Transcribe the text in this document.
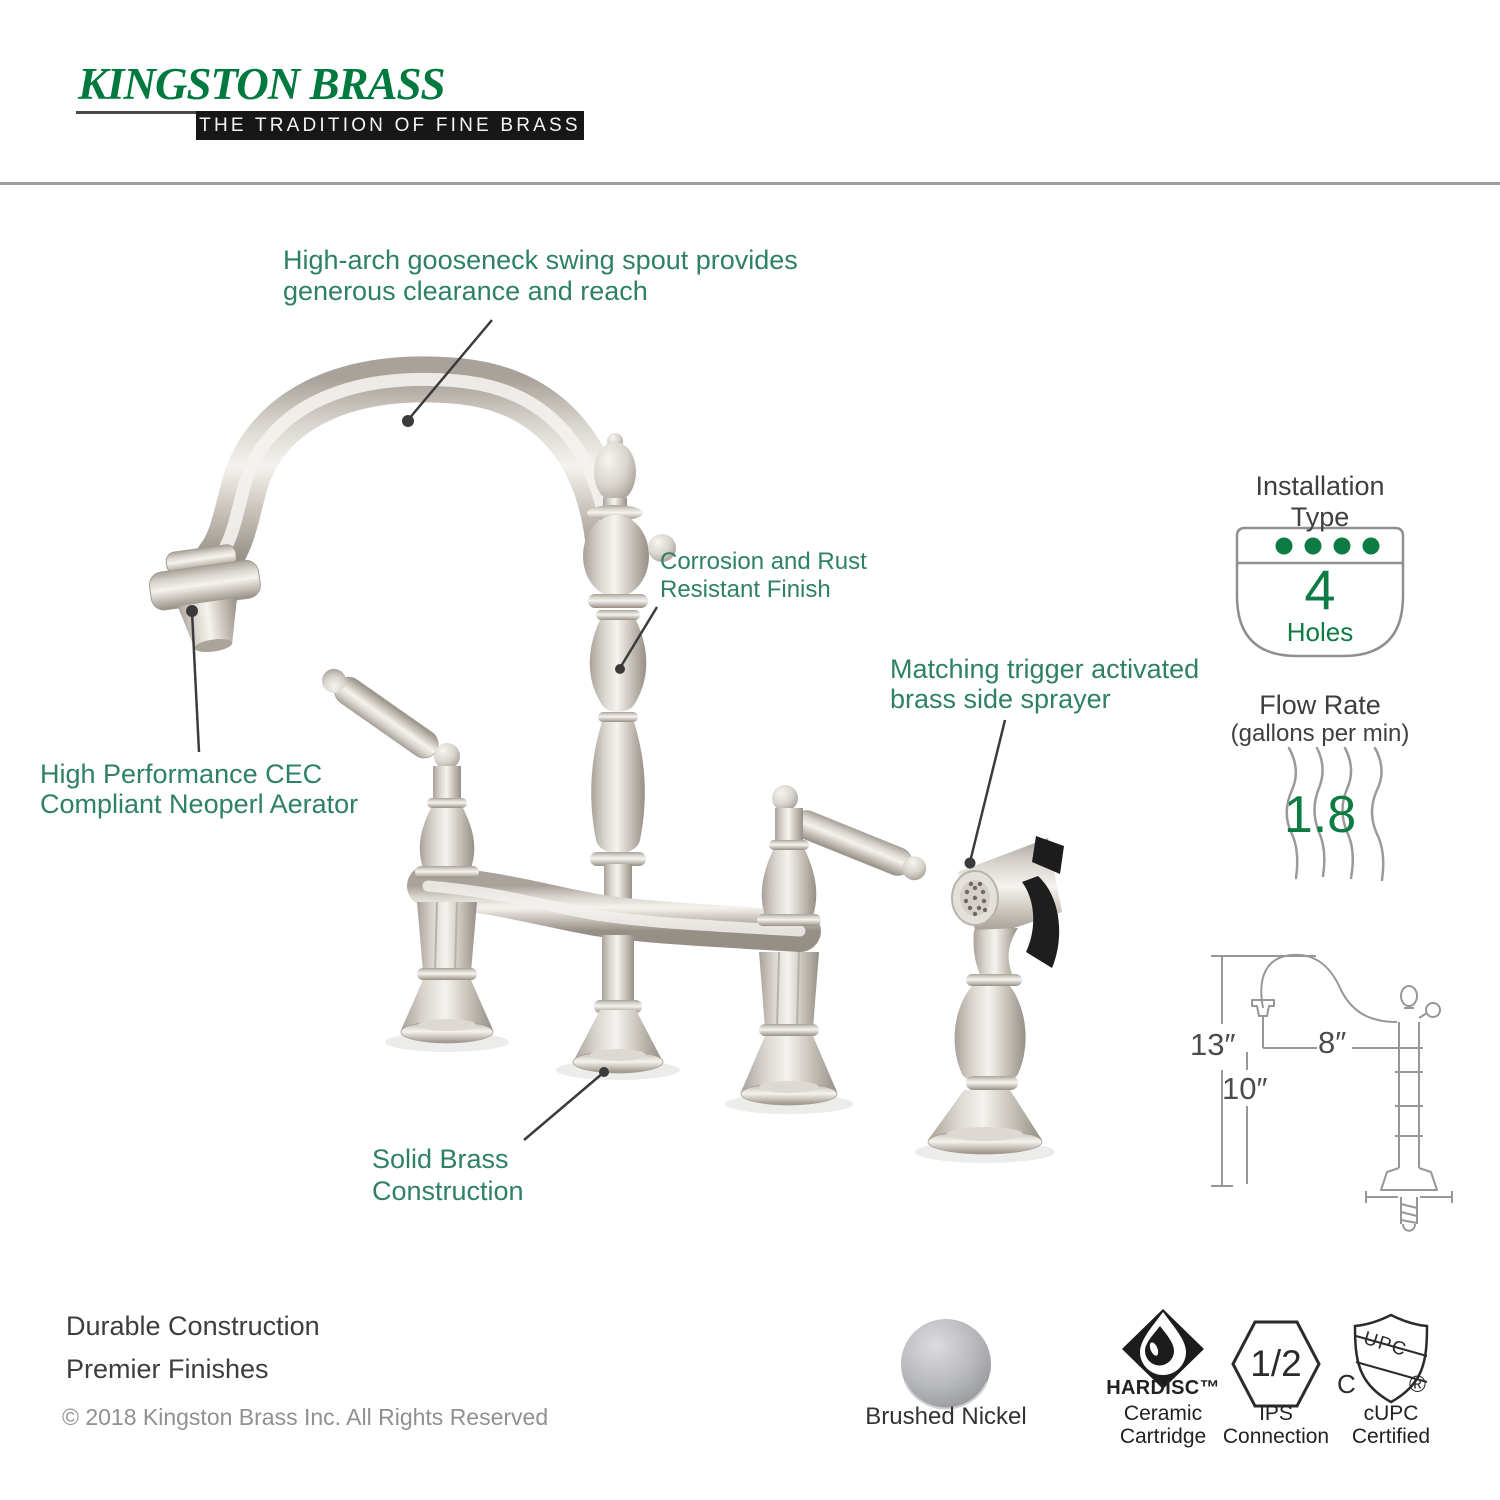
KINGSTON BRASS
THE TRADITION OF FINE BRASS
High-arch gooseneck swing spout provides
generous clearance and reach
Corrosion and Rust
Resistant Finish
Matching trigger activated
brass side sprayer
High Performance CEC
Compliant Neoperl Aerator
Solid Brass
Construction
Installation Type
4
Holes
Flow Rate
(gallons per min)
1.8
13″	8″
10″
Durable Construction
Premier Finishes
© 2018 Kingston Brass Inc. All Rights Reserved	Brushed Nickel
HARDISC™
Ceramic
Cartridge
1/2
IPS
Connection
UPC
C ®
cUPC
Certified
